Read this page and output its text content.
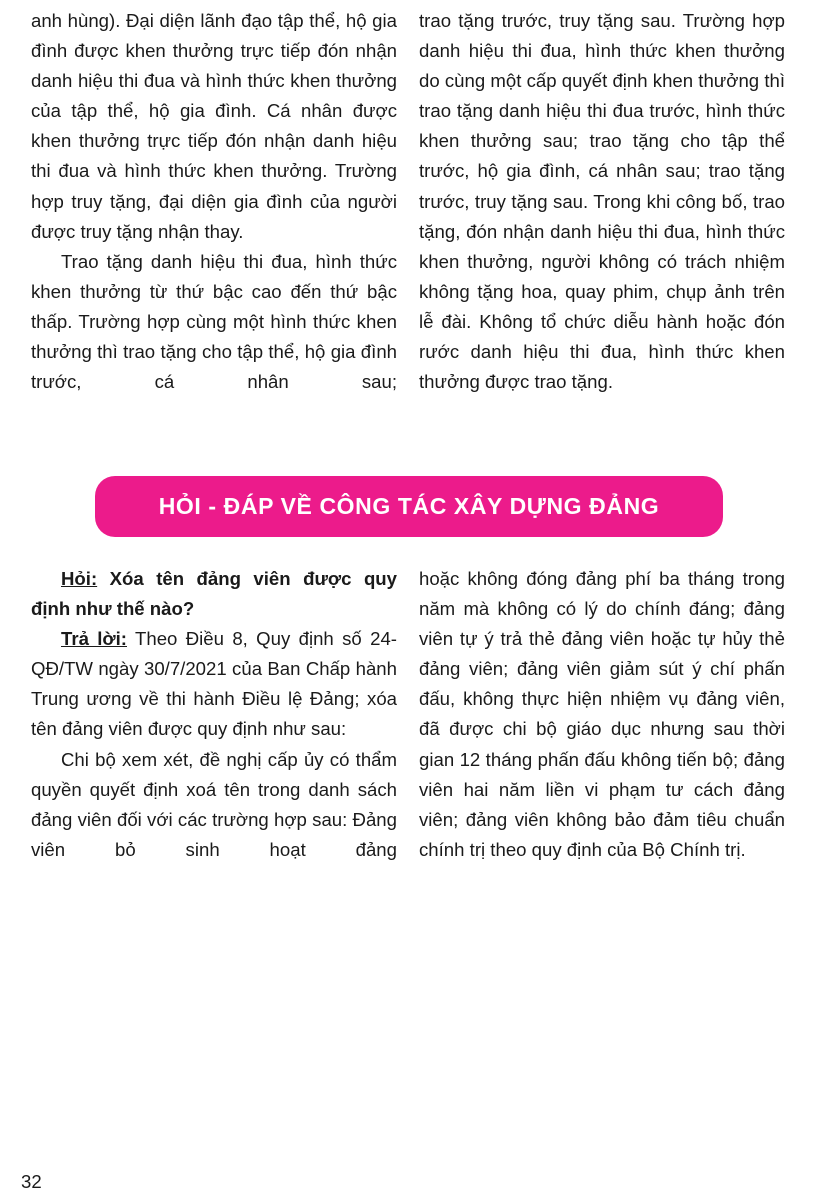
anh hùng). Đại diện lãnh đạo tập thể, hộ gia đình được khen thưởng trực tiếp đón nhận danh hiệu thi đua và hình thức khen thưởng của tập thể, hộ gia đình. Cá nhân được khen thưởng trực tiếp đón nhận danh hiệu thi đua và hình thức khen thưởng. Trường hợp truy tặng, đại diện gia đình của người được truy tặng nhận thay.

Trao tặng danh hiệu thi đua, hình thức khen thưởng từ thứ bậc cao đến thứ bậc thấp. Trường hợp cùng một hình thức khen thưởng thì trao tặng cho tập thể, hộ gia đình trước, cá nhân sau;

trao tặng trước, truy tặng sau. Trường hợp danh hiệu thi đua, hình thức khen thưởng do cùng một cấp quyết định khen thưởng thì trao tặng danh hiệu thi đua trước, hình thức khen thưởng sau; trao tặng cho tập thể trước, hộ gia đình, cá nhân sau; trao tặng trước, truy tặng sau. Trong khi công bố, trao tặng, đón nhận danh hiệu thi đua, hình thức khen thưởng, người không có trách nhiệm không tặng hoa, quay phim, chụp ảnh trên lễ đài. Không tổ chức diễu hành hoặc đón rước danh hiệu thi đua, hình thức khen thưởng được trao tặng.

HỎI - ĐÁP VỀ CÔNG TÁC XÂY DỰNG ĐẢNG

Hỏi: Xóa tên đảng viên được quy định như thế nào?

Trả lời: Theo Điều 8, Quy định số 24-QĐ/TW ngày 30/7/2021 của Ban Chấp hành Trung ương về thi hành Điều lệ Đảng; xóa tên đảng viên được quy định như sau:

Chi bộ xem xét, đề nghị cấp ủy có thẩm quyền quyết định xoá tên trong danh sách đảng viên đối với các trường hợp sau: Đảng viên bỏ sinh hoạt đảng

hoặc không đóng đảng phí ba tháng trong năm mà không có lý do chính đáng; đảng viên tự ý trả thẻ đảng viên hoặc tự hủy thẻ đảng viên; đảng viên giảm sút ý chí phấn đấu, không thực hiện nhiệm vụ đảng viên, đã được chi bộ giáo dục nhưng sau thời gian 12 tháng phấn đấu không tiến bộ; đảng viên hai năm liền vi phạm tư cách đảng viên; đảng viên không bảo đảm tiêu chuẩn chính trị theo quy định của Bộ Chính trị.

32
